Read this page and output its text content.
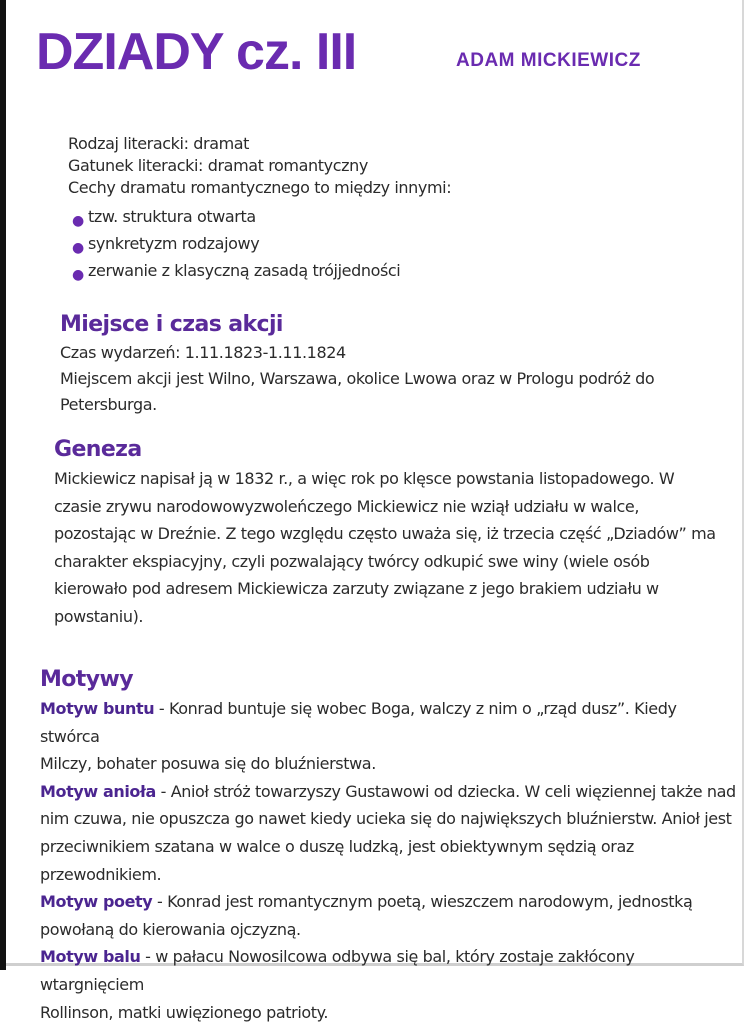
DZIADY cz. III	ADAM MICKIEWICZ
Rodzaj literacki: dramat
Gatunek literacki: dramat romantyczny
Cechy dramatu romantycznego to między innymi:
● tzw. struktura otwarta
● synkretyzm rodzajowy
● zerwanie z klasyczną zasadą trójjedności
Miejsce i czas akcji
Czas wydarzeń: 1.11.1823-1.11.1824
Miejscem akcji jest Wilno, Warszawa, okolice Lwowa oraz w Prologu podróż do
Petersburga.
Geneza
Mickiewicz napisał ją w 1832 r., a więc rok po klęsce powstania listopadowego. W
czasie zrywu narodowowyzwoleńczego Mickiewicz nie wziął udziału w walce,
pozostając w Dreźnie. Z tego względu często uważa się, iż trzecia część „Dziadów” ma
charakter ekspiacyjny, czyli pozwalający twórcy odkupić swe winy (wiele osób
kierowało pod adresem Mickiewicza zarzuty związane z jego brakiem udziału w
powstaniu).
Motywy
Motyw buntu - Konrad buntuje się wobec Boga, walczy z nim o „rząd dusz”. Kiedy stwórca
Milczy, bohater posuwa się do bluźnierstwa.
Motyw anioła - Anioł stróż towarzyszy Gustawowi od dziecka. W celi więziennej także nad
nim czuwa, nie opuszcza go nawet kiedy ucieka się do największych bluźnierstw. Anioł jest
przeciwnikiem szatana w walce o duszę ludzką, jest obiektywnym sędzią oraz przewodnikiem.
Motyw poety - Konrad jest romantycznym poetą, wieszczem narodowym, jednostką
powołaną do kierowania ojczyzną.
Motyw balu - w pałacu Nowosilcowa odbywa się bal, który zostaje zakłócony wtargnięciem
Rollinson, matki uwięzionego patrioty.
